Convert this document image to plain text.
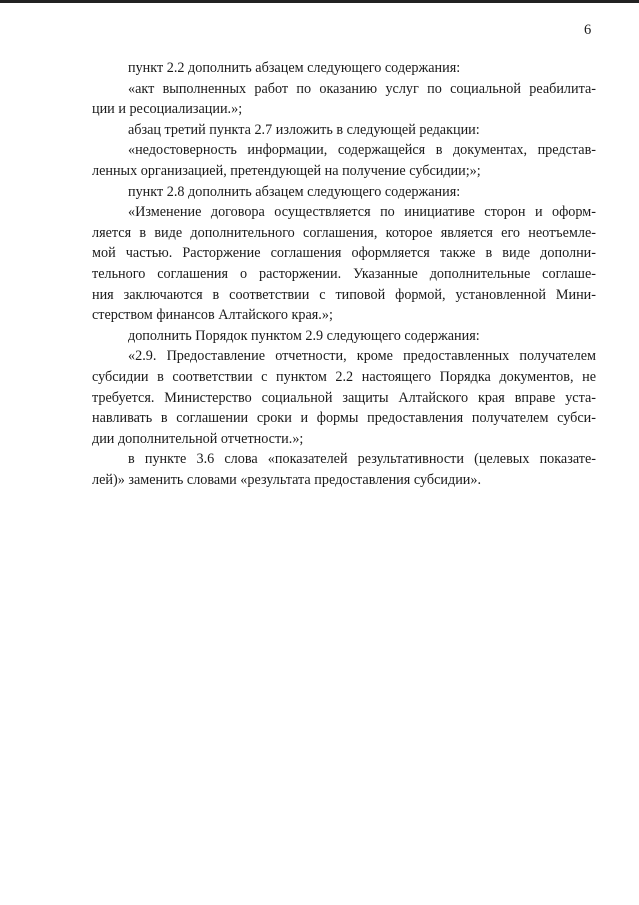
6
пункт 2.2 дополнить абзацем следующего содержания:
«акт выполненных работ по оказанию услуг по социальной реабилита-
ции и ресоциализации.»;
абзац третий пункта 2.7 изложить в следующей редакции:
«недостоверность информации, содержащейся в документах, представ-
ленных организацией, претендующей на получение субсидии;»;
пункт 2.8 дополнить абзацем следующего содержания:
«Изменение договора осуществляется по инициативе сторон и оформ-
ляется в виде дополнительного соглашения, которое является его неотъемле-
мой частью. Расторжение соглашения оформляется также в виде дополни-
тельного соглашения о расторжении. Указанные дополнительные соглаше-
ния заключаются в соответствии с типовой формой, установленной Мини-
стерством финансов Алтайского края.»;
дополнить Порядок пунктом 2.9 следующего содержания:
«2.9. Предоставление отчетности, кроме предоставленных получателем
субсидии в соответствии с пунктом 2.2 настоящего Порядка документов, не
требуется. Министерство социальной защиты Алтайского края вправе уста-
навливать в соглашении сроки и формы предоставления получателем субси-
дии дополнительной отчетности.»;
в пункте 3.6 слова «показателей результативности (целевых показате-
лей)» заменить словами «результата предоставления субсидии».
